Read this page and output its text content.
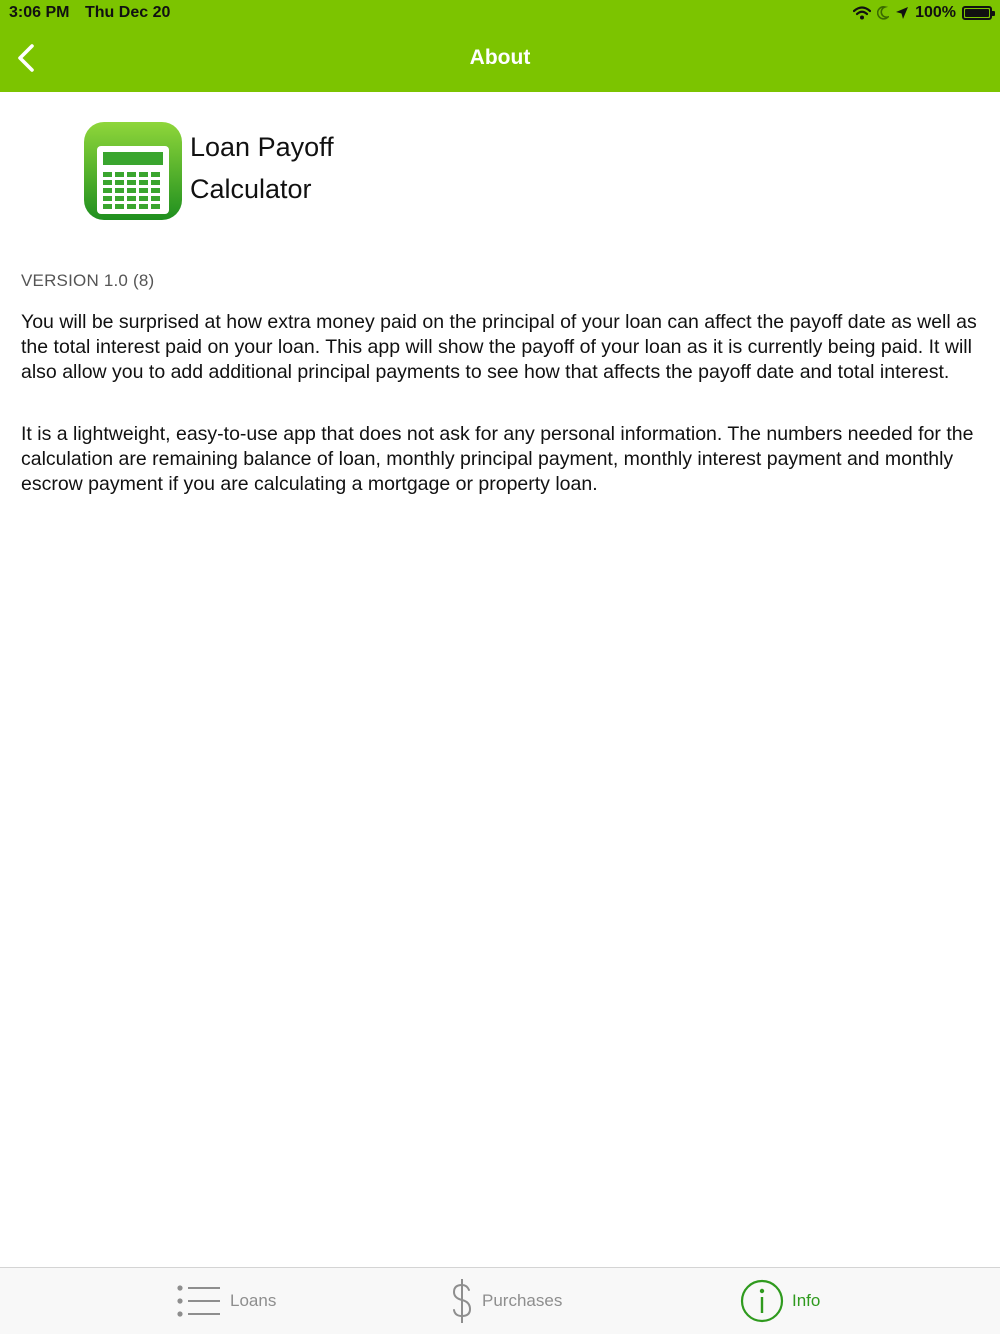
3:06 PM Thu Dec 20	100%
About
Loan Payoff
Calculator
VERSION 1.0 (8)

You will be surprised at how extra money paid on the principal of your loan can affect the payoff date as well as the total interest paid on your loan. This app will show the payoff of your loan as it is currently being paid. It will also allow you to add additional principal payments to see how that affects the payoff date and total interest.

It is a lightweight, easy-to-use app that does not ask for any personal information. The numbers needed for the calculation are remaining balance of loan, monthly principal payment, monthly interest payment and monthly escrow payment if you are calculating a mortgage or property loan.

Loans	Purchases	Info
